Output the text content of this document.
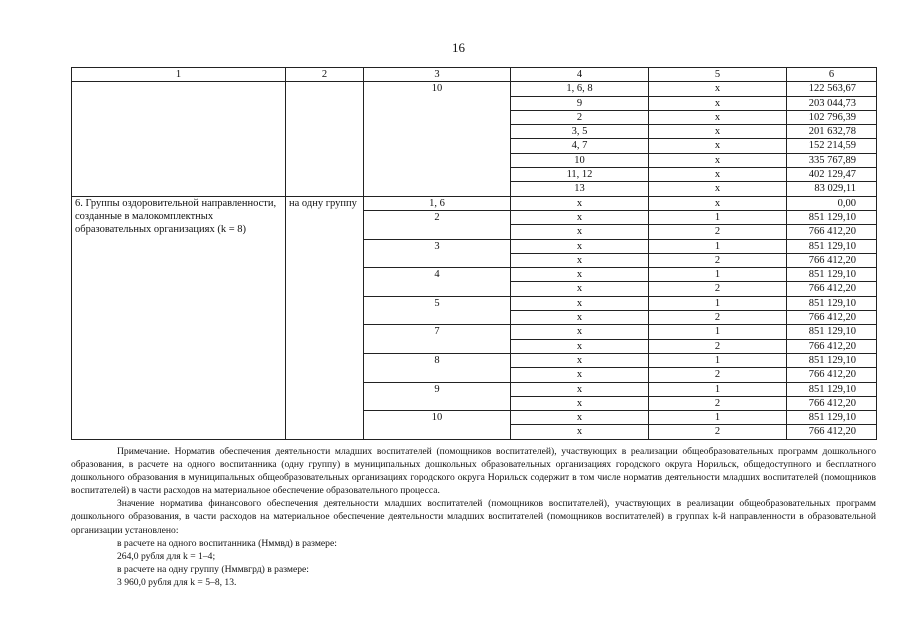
16
1	2	3	4	5	6
		10	1, 6, 8	x	122 563,67
			9	x	203 044,73
			2	x	102 796,39
			3, 5	x	201 632,78
			4, 7	x	152 214,59
			10	x	335 767,89
			11, 12	x	402 129,47
			13	x	83 029,11
6. Группы оздоровительной направленности, созданные в малокомплектных образовательных организациях (k = 8)	на одну группу	1, 6	x	x	0,00
		2	x	1	851 129,10
			x	2	766 412,20
		3	x	1	851 129,10
			x	2	766 412,20
		4	x	1	851 129,10
			x	2	766 412,20
		5	x	1	851 129,10
			x	2	766 412,20
		7	x	1	851 129,10
			x	2	766 412,20
		8	x	1	851 129,10
			x	2	766 412,20
		9	x	1	851 129,10
			x	2	766 412,20
		10	x	1	851 129,10
			x	2	766 412,20

Примечание. Норматив обеспечения деятельности младших воспитателей (помощников воспитателей), участвующих в реализации общеобразовательных программ дошкольного образования, в расчете на одного воспитанника (одну группу) в муниципальных дошкольных образовательных организациях городского округа Норильск, общедоступного и бесплатного дошкольного образования в муниципальных общеобразовательных организациях городского округа Норильск содержит в том числе норматив деятельности младших воспитателей (помощников воспитателей) в части расходов на материальное обеспечение образовательного процесса.

Значение норматива финансового обеспечения деятельности младших воспитателей (помощников воспитателей), участвующих в реализации общеобразовательных программ дошкольного образования, в части расходов на материальное обеспечение деятельности младших воспитателей (помощников воспитателей) в группах k-й направленности в образовательной организации установлено:

в расчете на одного воспитанника (Нммвд) в размере:

264,0 рубля для k = 1–4;

в расчете на одну группу (Нммвгрд) в размере:

3 960,0 рубля для k = 5–8, 13.
